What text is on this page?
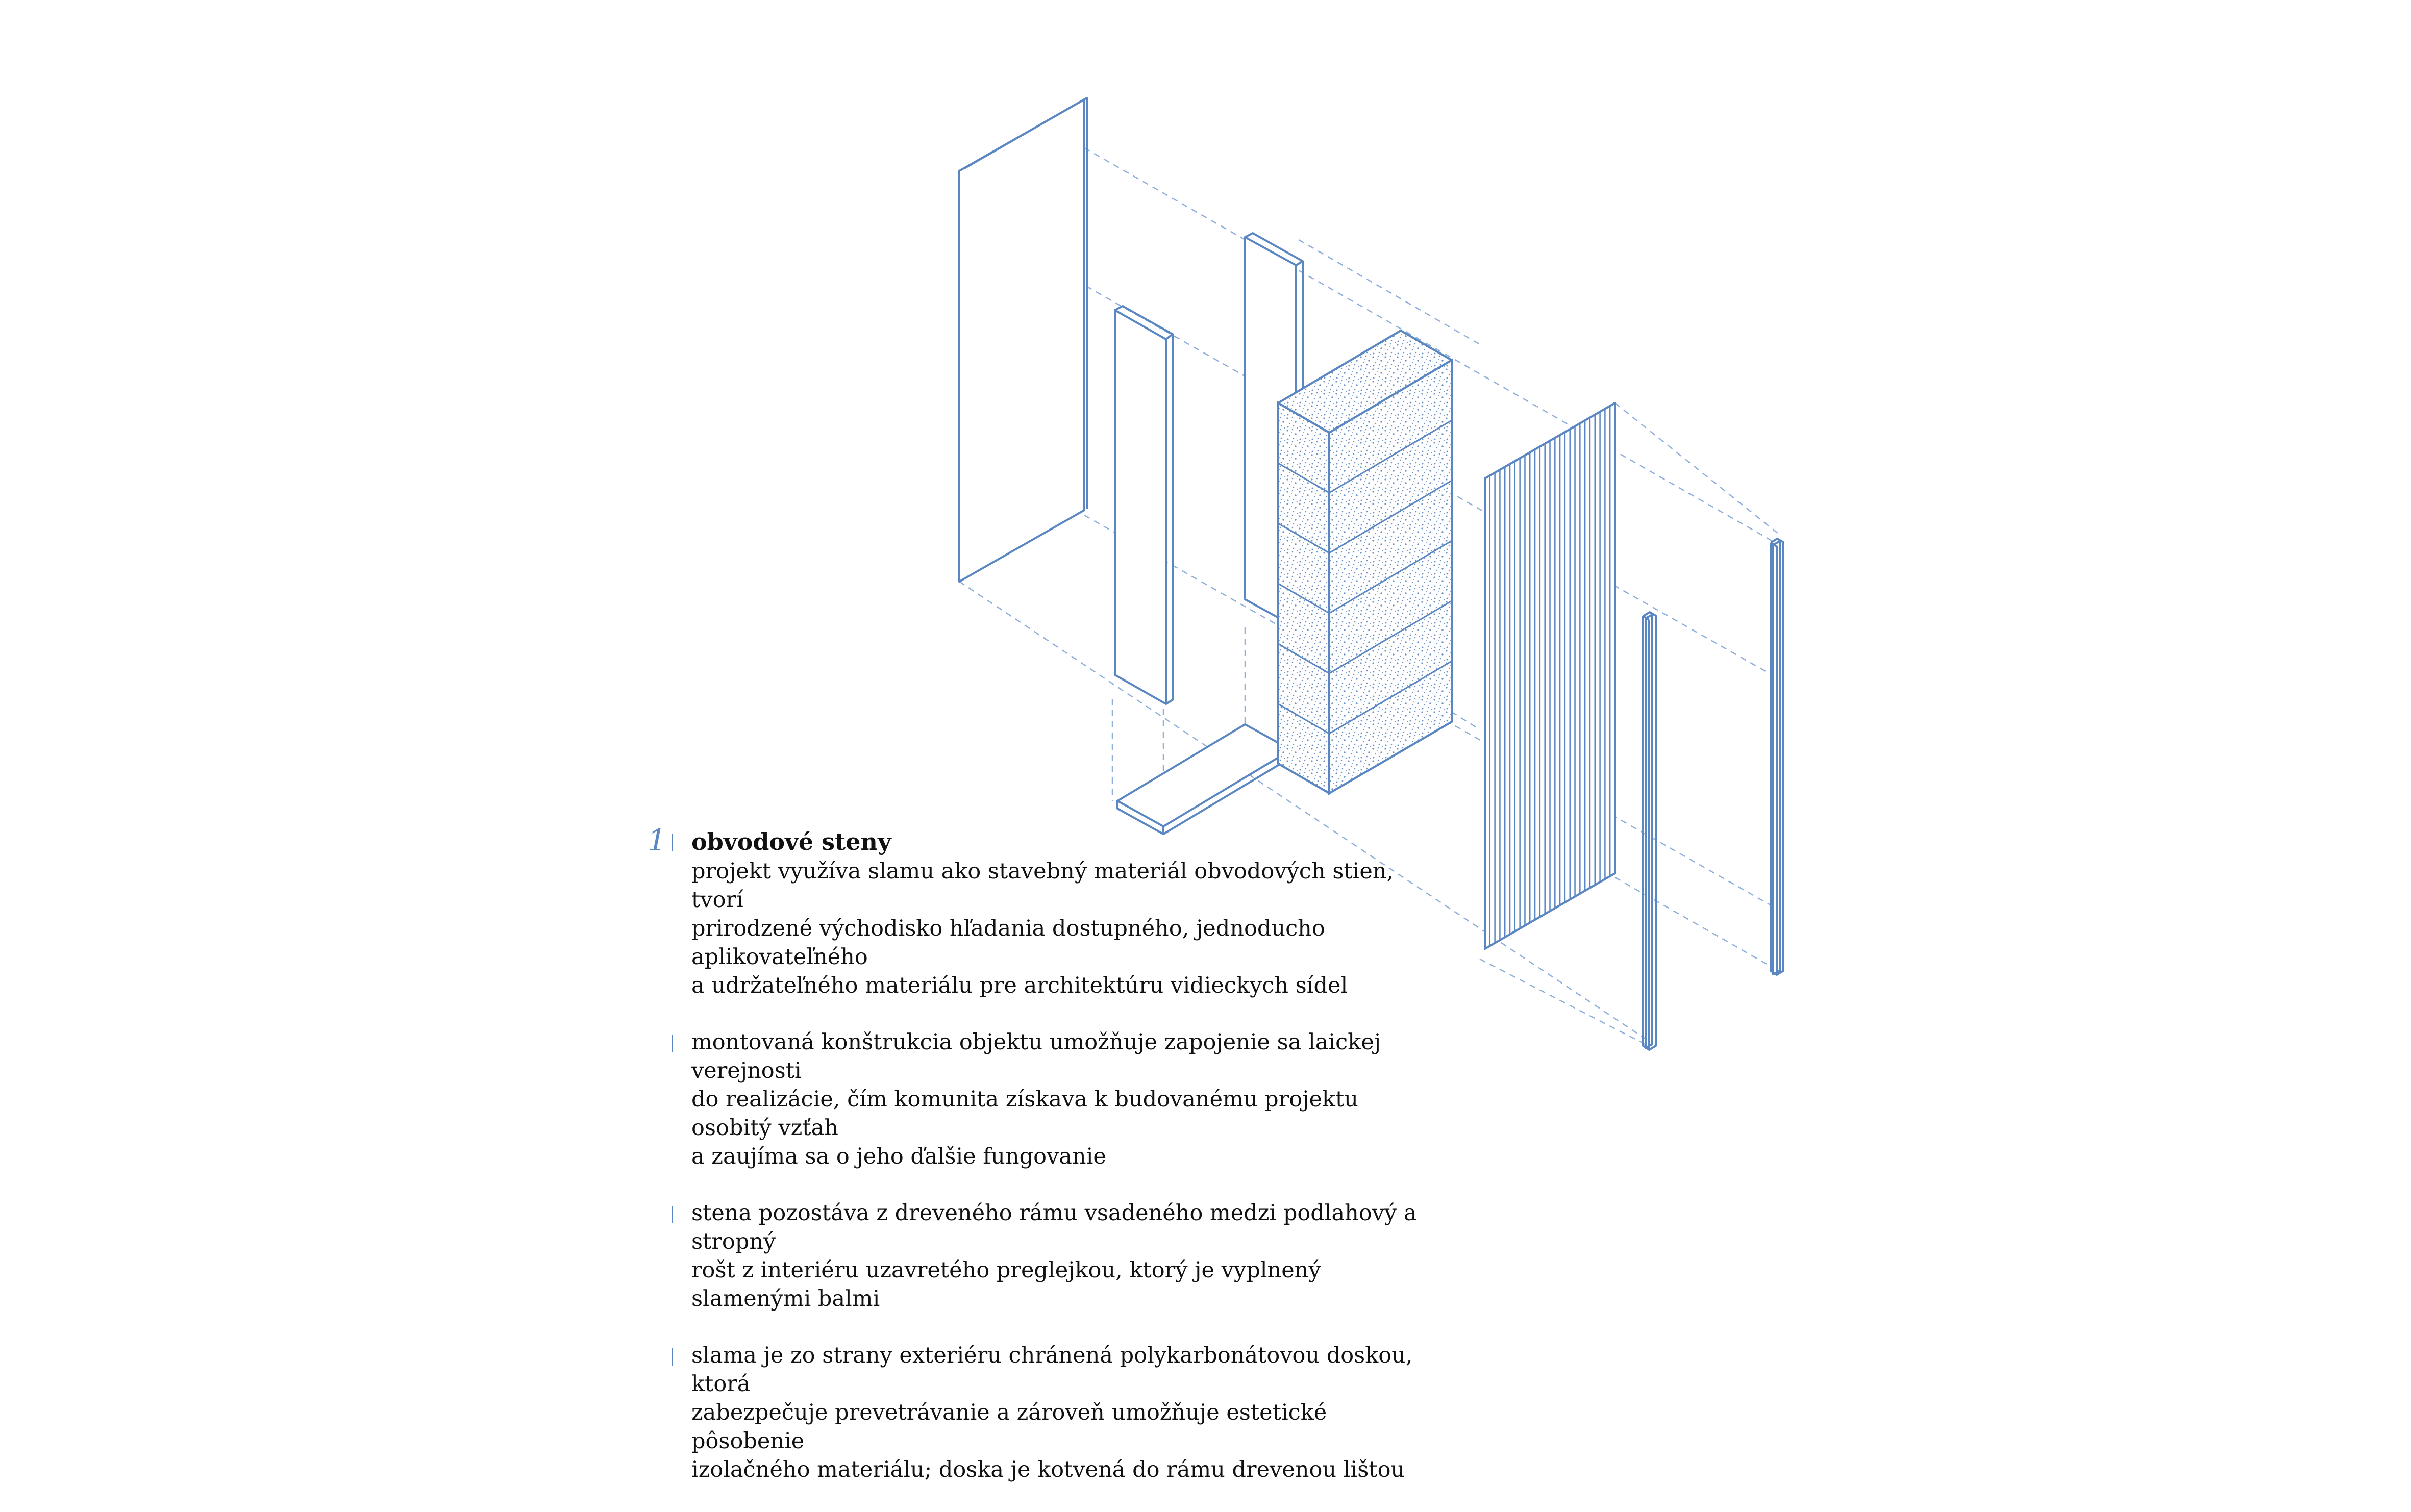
1 obvodové steny

projekt využíva slamu ako stavebný materiál obvodových stien, tvorí

prirodzené východisko hľadania dostupného, jednoducho aplikovateľného

a udržateľného materiálu pre architektúru vidieckych sídel

montovaná konštrukcia objektu umožňuje zapojenie sa laickej verejnosti

do realizácie, čím komunita získava k budovanému projektu osobitý vzťah

a zaujíma sa o jeho ďalšie fungovanie

stena pozostáva z dreveného rámu vsadeného medzi podlahový a stropný

rošt z interiéru uzavretého preglejkou, ktorý je vyplnený slamenými balmi

slama je zo strany exteriéru chránená polykarbonátovou doskou, ktorá

zabezpečuje prevetrávanie a zároveň umožňuje estetické pôsobenie

izolačného materiálu; doska je kotvená do rámu drevenou lištou
